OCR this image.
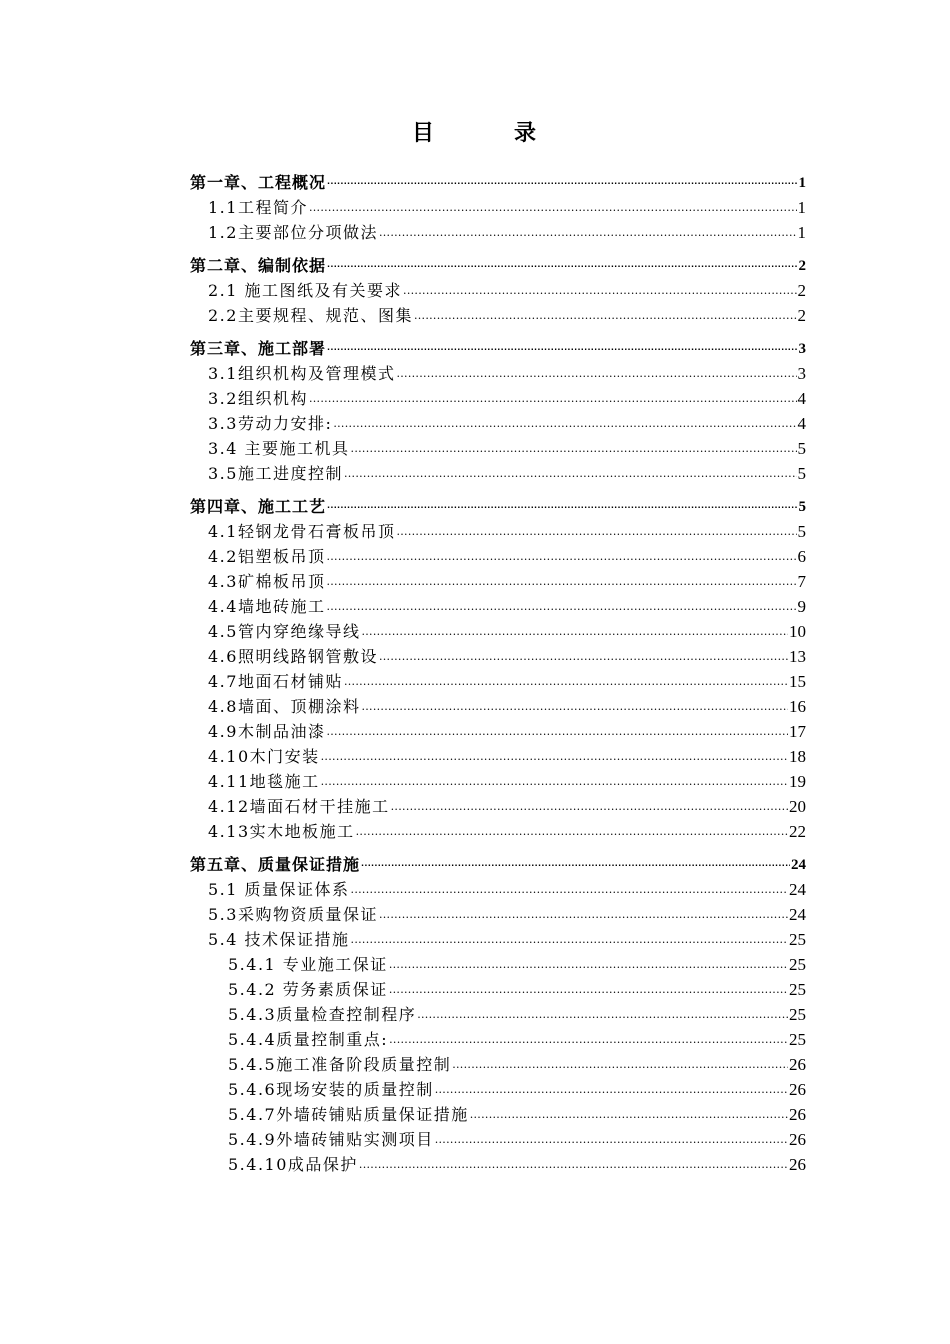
目	录
第一章、工程概况 .....	1
1.1工程简介 .....	1
1.2主要部位分项做法 .....	1
第二章、编制依据 .....	2
2.1 施工图纸及有关要求 .....	2
2.2主要规程、规范、图集 .....	2
第三章、施工部署 .....	3
3.1组织机构及管理模式 .....	3
3.2组织机构 .....	4
3.3劳动力安排: .....	4
3.4 主要施工机具 .....	5
3.5施工进度控制 .....	5
第四章、施工工艺 .....	5
4.1轻钢龙骨石膏板吊顶 .....	5
4.2铝塑板吊顶 .....	6
4.3矿棉板吊顶 .....	7
4.4墙地砖施工 .....	9
4.5管内穿绝缘导线 .....	10
4.6照明线路钢管敷设 .....	13
4.7地面石材铺贴 .....	15
4.8墙面、顶棚涂料 .....	16
4.9木制品油漆 .....	17
4.10木门安装 .....	18
4.11地毯施工 .....	19
4.12墙面石材干挂施工 .....	20
4.13实木地板施工 .....	22
第五章、质量保证措施 .....	24
5.1 质量保证体系 .....	24
5.3采购物资质量保证 .....	24
5.4 技术保证措施 .....	25
5.4.1 专业施工保证 .....	25
5.4.2 劳务素质保证 .....	25
5.4.3质量检查控制程序 .....	25
5.4.4质量控制重点: .....	25
5.4.5施工准备阶段质量控制 .....	26
5.4.6现场安装的质量控制 .....	26
5.4.7外墙砖铺贴质量保证措施 .....	26
5.4.9外墙砖铺贴实测项目 .....	26
5.4.10成品保护 .....	26
